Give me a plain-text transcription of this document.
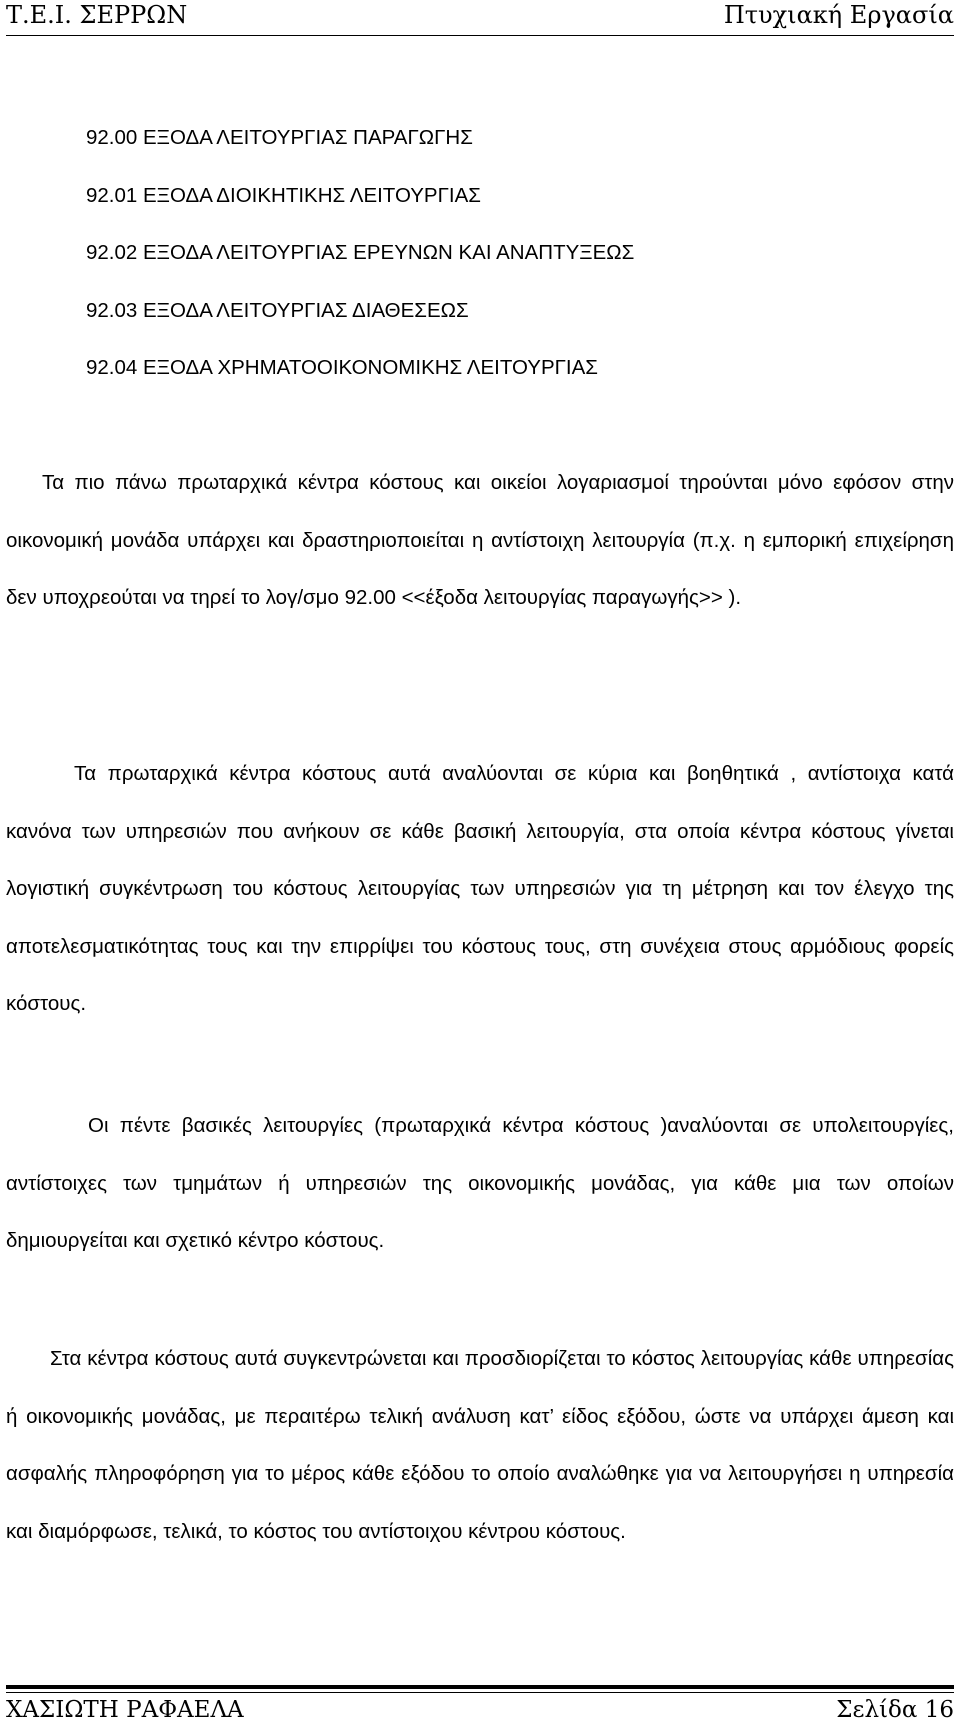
Τ.Ε.Ι. ΣΕΡΡΩΝ	Πτυχιακή Εργασία
92.00 ΕΞΟΔΑ ΛΕΙΤΟΥΡΓΙΑΣ ΠΑΡΑΓΩΓΗΣ
92.01 ΕΞΟΔΑ ΔΙΟΙΚΗΤΙΚΗΣ ΛΕΙΤΟΥΡΓΙΑΣ
92.02 ΕΞΟΔΑ ΛΕΙΤΟΥΡΓΙΑΣ ΕΡΕΥΝΩΝ ΚΑΙ ΑΝΑΠΤΥΞΕΩΣ
92.03 ΕΞΟΔΑ ΛΕΙΤΟΥΡΓΙΑΣ ΔΙΑΘΕΣΕΩΣ
92.04 ΕΞΟΔΑ ΧΡΗΜΑΤΟΟΙΚΟΝΟΜΙΚΗΣ ΛΕΙΤΟΥΡΓΙΑΣ

Τα πιο πάνω πρωταρχικά κέντρα κόστους και οικείοι λογαριασμοί τηρούνται μόνο εφόσον στην οικονομική μονάδα υπάρχει και δραστηριοποιείται η αντίστοιχη λειτουργία (π.χ. η εμπορική επιχείρηση δεν υποχρεούται να τηρεί το λογ/σμο 92.00 <<έξοδα λειτουργίας παραγωγής>> ).

Τα πρωταρχικά κέντρα κόστους αυτά αναλύονται σε κύρια και βοηθητικά , αντίστοιχα κατά κανόνα των υπηρεσιών που ανήκουν σε κάθε βασική λειτουργία, στα οποία κέντρα κόστους γίνεται λογιστική συγκέντρωση του κόστους λειτουργίας των υπηρεσιών για τη μέτρηση και τον έλεγχο της αποτελεσματικότητας τους και την επιρρίψει του κόστους τους, στη συνέχεια στους αρμόδιους φορείς κόστους.

Οι πέντε βασικές λειτουργίες (πρωταρχικά κέντρα κόστους )αναλύονται σε υπολειτουργίες, αντίστοιχες των τμημάτων ή υπηρεσιών της οικονομικής μονάδας, για κάθε μια των οποίων δημιουργείται και σχετικό κέντρο κόστους.

Στα κέντρα κόστους αυτά συγκεντρώνεται και προσδιορίζεται το κόστος λειτουργίας κάθε υπηρεσίας ή οικονομικής μονάδας, με περαιτέρω τελική ανάλυση κατ’ είδος εξόδου, ώστε να υπάρχει άμεση και ασφαλής πληροφόρηση για το μέρος κάθε εξόδου το οποίο αναλώθηκε για να λειτουργήσει η υπηρεσία και διαμόρφωσε, τελικά, το κόστος του αντίστοιχου κέντρου κόστους.

ΧΑΣΙΩΤΗ ΡΑΦΑΕΛΑ	Σελίδα 16
